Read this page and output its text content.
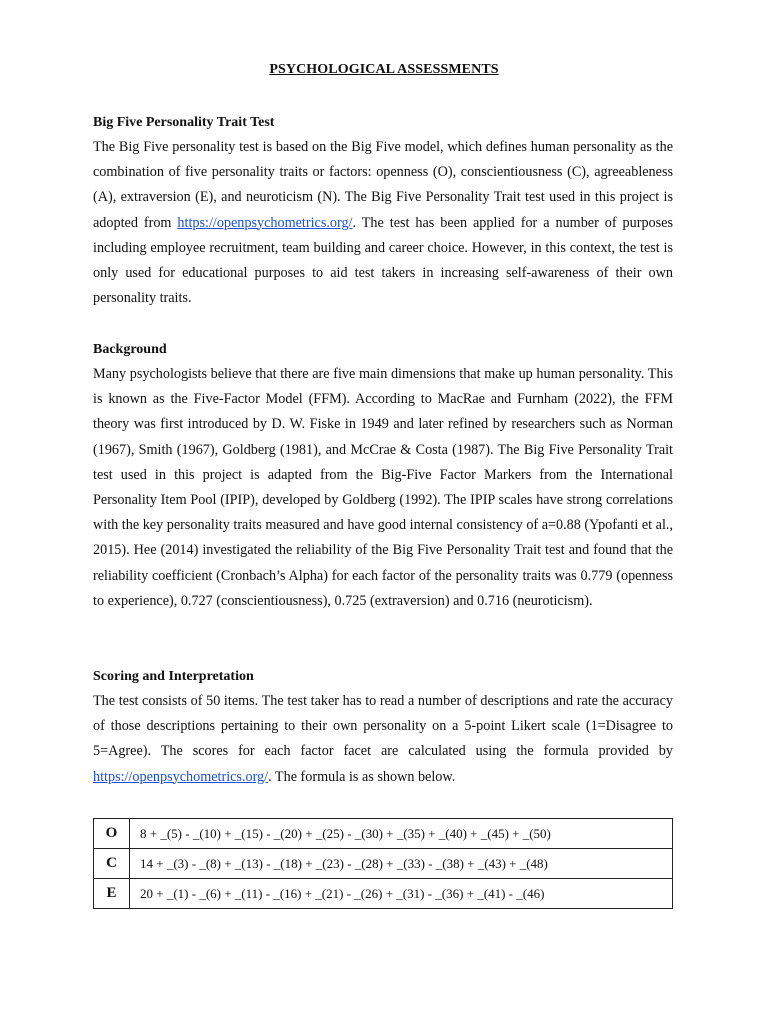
PSYCHOLOGICAL ASSESSMENTS
Big Five Personality Trait Test

The Big Five personality test is based on the Big Five model, which defines human personality as the combination of five personality traits or factors: openness (O), conscientiousness (C), agreeableness (A), extraversion (E), and neuroticism (N). The Big Five Personality Trait test used in this project is adopted from https://openpsychometrics.org/. The test has been applied for a number of purposes including employee recruitment, team building and career choice. However, in this context, the test is only used for educational purposes to aid test takers in increasing self-awareness of their own personality traits.

Background

Many psychologists believe that there are five main dimensions that make up human personality. This is known as the Five-Factor Model (FFM). According to MacRae and Furnham (2022), the FFM theory was first introduced by D. W. Fiske in 1949 and later refined by researchers such as Norman (1967), Smith (1967), Goldberg (1981), and McCrae & Costa (1987). The Big Five Personality Trait test used in this project is adapted from the Big-Five Factor Markers from the International Personality Item Pool (IPIP), developed by Goldberg (1992). The IPIP scales have strong correlations with the key personality traits measured and have good internal consistency of a=0.88 (Ypofanti et al., 2015). Hee (2014) investigated the reliability of the Big Five Personality Trait test and found that the reliability coefficient (Cronbach’s Alpha) for each factor of the personality traits was 0.779 (openness to experience), 0.727 (conscientiousness), 0.725 (extraversion) and 0.716 (neuroticism).

Scoring and Interpretation

The test consists of 50 items. The test taker has to read a number of descriptions and rate the accuracy of those descriptions pertaining to their own personality on a 5-point Likert scale (1=Disagree to 5=Agree). The scores for each factor facet are calculated using the formula provided by https://openpsychometrics.org/. The formula is as shown below.

O	8 + _(5) - _(10) + _(15) - _(20) + _(25) - _(30) + _(35) + _(40) + _(45) + _(50)
C	14 + _(3) - _(8) + _(13) - _(18) + _(23) - _(28) + _(33) - _(38) + _(43) + _(48)
E	20 + _(1) - _(6) + _(11) - _(16) + _(21) - _(26) + _(31) - _(36) + _(41) - _(46)
